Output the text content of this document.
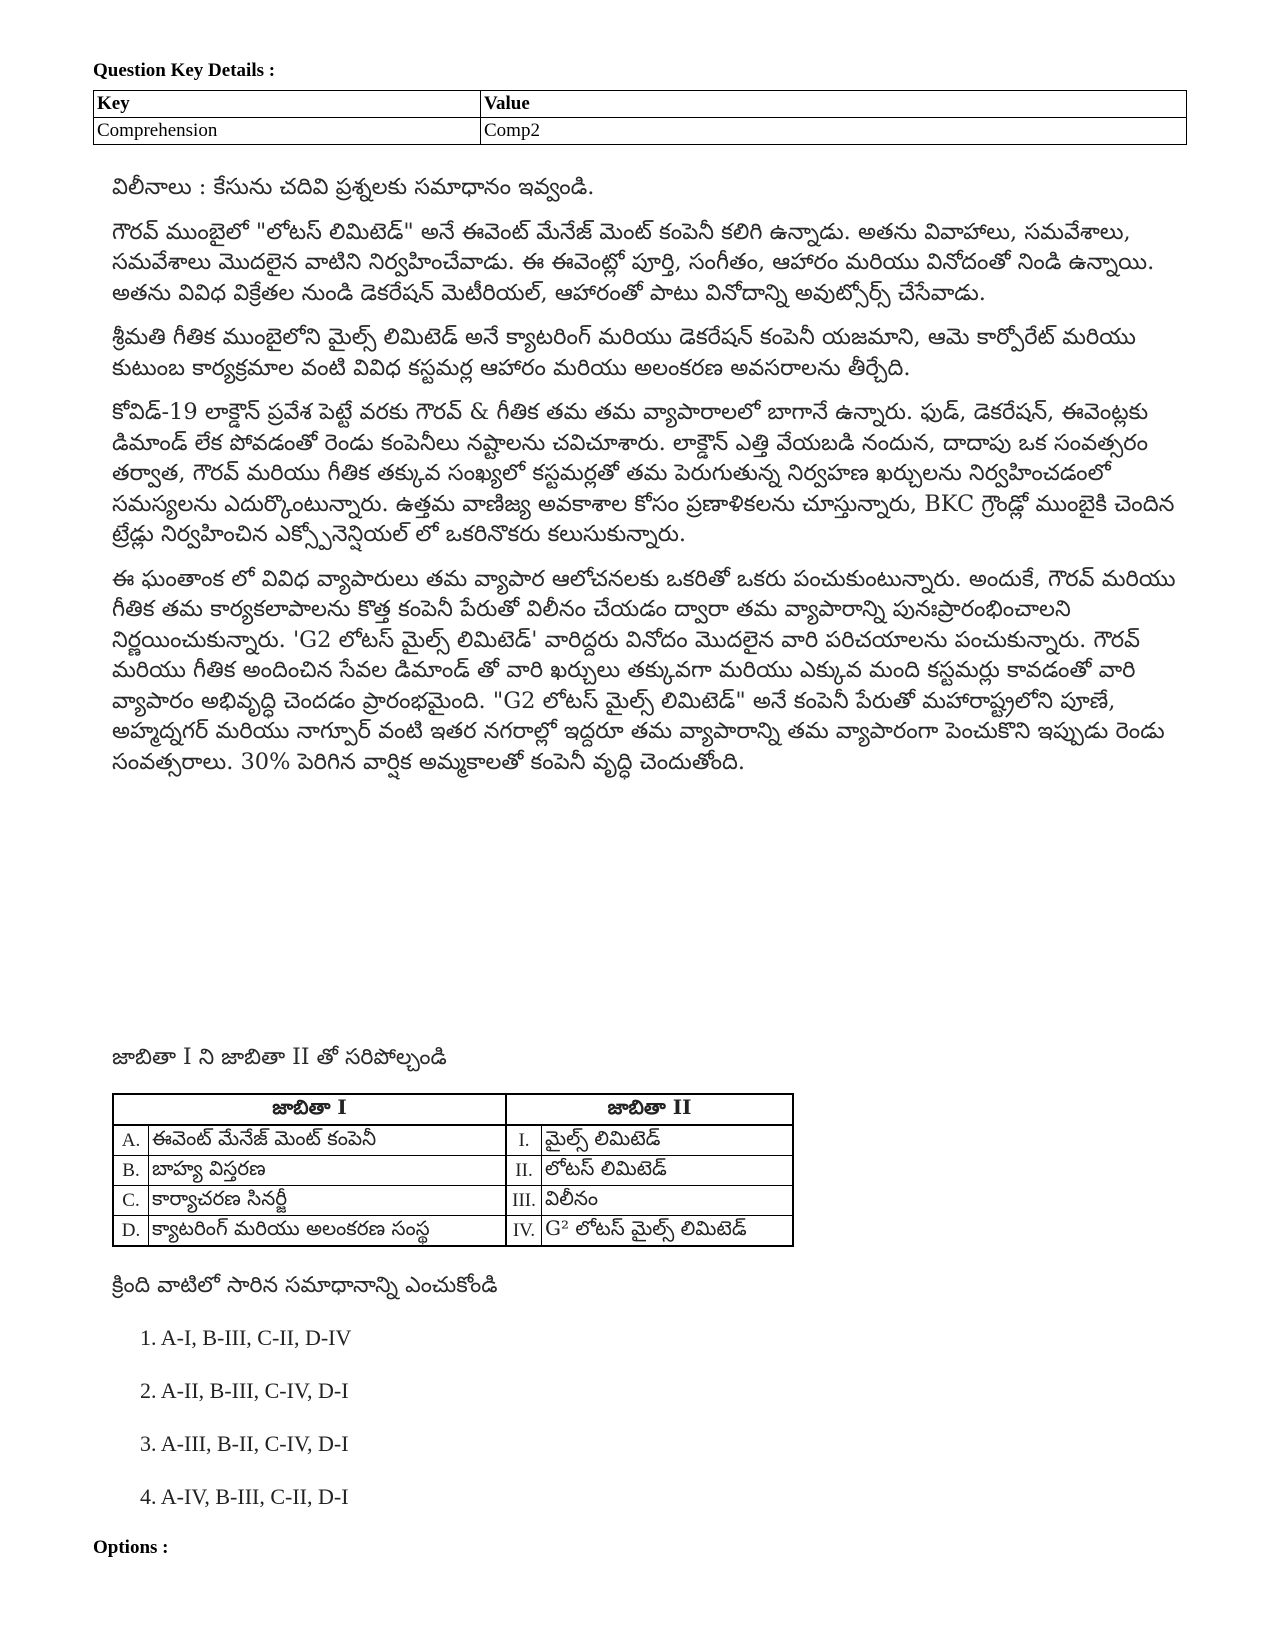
Question Key Details :
Key	Value
Comprehension	Comp2

విలీనాలు : కేసును చదివి ప్రశ్నలకు సమాధానం ఇవ్వండి.

గౌరవ్ ముంబైలో "లోటస్ లిమిటెడ్" అనే ఈవెంట్ మేనేజ్ మెంట్ కంపెనీ కలిగి ఉన్నాడు. అతను వివాహాలు, సమవేశాలు, సమవేశాలు మొదలైన వాటిని నిర్వహించేవాడు. ఈ ఈవెంట్లో పూర్తి, సంగీతం, ఆహారం మరియు వినోదంతో నిండి ఉన్నాయి. అతను వివిధ విక్రేతల నుండి డెకరేషన్ మెటీరియల్, ఆహారంతో పాటు వినోదాన్ని అవుట్సోర్స్ చేసేవాడు.

శ్రీమతి గీతిక ముంబైలోని మైల్స్ లిమిటెడ్ అనే క్యాటరింగ్ మరియు డెకరేషన్ కంపెనీ యజమాని, ఆమె కార్పోరేట్ మరియు కుటుంబ కార్యక్రమాల వంటి వివిధ కస్టమర్ల ఆహారం మరియు అలంకరణ అవసరాలను తీర్చేది.

కోవిడ్-19 లాక్డౌన్ ప్రవేశ పెట్టే వరకు గౌరవ్ & గీతిక తమ తమ వ్యాపారాలలో బాగానే ఉన్నారు. ఫుడ్, డెకరేషన్, ఈవెంట్లకు డిమాండ్ లేక పోవడంతో రెండు కంపెనీలు నష్టాలను చవిచూశారు. లాక్డౌన్ ఎత్తి వేయబడి నందున, దాదాపు ఒక సంవత్సరం తర్వాత, గౌరవ్ మరియు గీతిక తక్కువ సంఖ్యలో కస్టమర్లతో తమ పెరుగుతున్న నిర్వహణ ఖర్చులను నిర్వహించడంలో సమస్యలను ఎదుర్కొంటున్నారు. ఉత్తమ వాణిజ్య అవకాశాల కోసం ప్రణాళికలను చూస్తున్నారు, BKC గ్రౌండ్లో ముంబైకి చెందిన ట్రేడ్లు నిర్వహించిన ఎక్స్పోనెన్షియల్ లో ఒకరినొకరు కలుసుకున్నారు.

ఈ ఘంతాంక లో వివిధ వ్యాపారులు తమ వ్యాపార ఆలోచనలకు ఒకరితో ఒకరు పంచుకుంటున్నారు. అందుకే, గౌరవ్ మరియు గీతిక తమ కార్యకలాపాలను కొత్త కంపెనీ పేరుతో విలీనం చేయడం ద్వారా తమ వ్యాపారాన్ని పునఃప్రారంభించాలని నిర్ణయించుకున్నారు. 'G2 లోటస్ మైల్స్ లిమిటెడ్' వారిద్దరు వినోదం మొదలైన వారి పరిచయాలను పంచుకున్నారు. గౌరవ్ మరియు గీతిక అందించిన సేవల డిమాండ్ తో వారి ఖర్చులు తక్కువగా మరియు ఎక్కువ మంది కస్టమర్లు కావడంతో వారి వ్యాపారం అభివృద్ధి చెందడం ప్రారంభమైంది. "G2 లోటస్ మైల్స్ లిమిటెడ్" అనే కంపెనీ పేరుతో మహారాష్ట్రలోని పూణే, అహ్మద్నగర్ మరియు నాగ్పూర్ వంటి ఇతర నగరాల్లో ఇద్దరూ తమ వ్యాపారాన్ని తమ వ్యాపారంగా పెంచుకొని ఇప్పుడు రెండు సంవత్సరాలు. 30% పెరిగిన వార్షిక అమ్మకాలతో కంపెనీ వృద్ధి చెందుతోంది.

జాబితా I ని జాబితా II తో సరిపోల్చండి
జాబితా I		జాబితా II	
A.	ఈవెంట్ మేనేజ్ మెంట్ కంపెనీ	I.	మైల్స్ లిమిటెడ్
B.	బాహ్య విస్తరణ	II.	లోటస్ లిమిటెడ్
C.	కార్యాచరణ సినర్జీ	III.	విలీనం
D.	క్యాటరింగ్ మరియు అలంకరణ సంస్థ	IV.	G² లోటస్ మైల్స్ లిమిటెడ్
క్రింది వాటిలో సారిన సమాధానాన్ని ఎంచుకోండి
1. A-I, B-III, C-II, D-IV
2. A-II, B-III, C-IV, D-I
3. A-III, B-II, C-IV, D-I
4. A-IV, B-III, C-II, D-I
Options :
